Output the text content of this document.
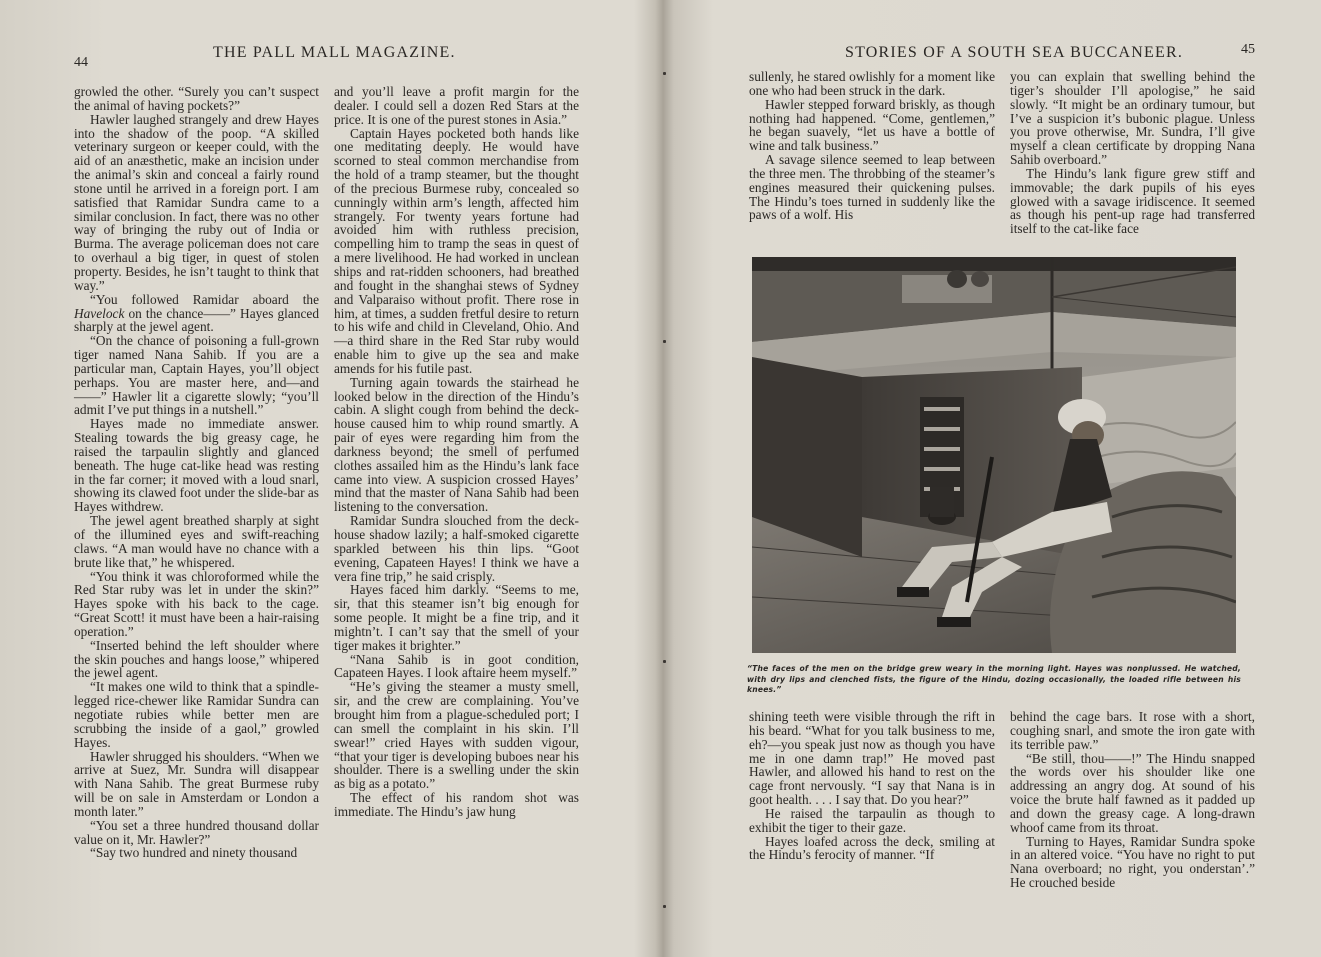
44
THE PALL MALL MAGAZINE.

growled the other. “Surely you can’t suspect the animal of having pockets?”

Hawler laughed strangely and drew Hayes into the shadow of the poop. “A skilled veterinary surgeon or keeper could, with the aid of an anæsthetic, make an incision under the animal’s skin and conceal a fairly round stone until he arrived in a foreign port. I am satisfied that Ramidar Sundra came to a similar conclusion. In fact, there was no other way of bringing the ruby out of India or Burma. The average policeman does not care to overhaul a big tiger, in quest of stolen property. Besides, he isn’t taught to think that way.”

“You followed Ramidar aboard the Havelock on the chance——” Hayes glanced sharply at the jewel agent.

“On the chance of poisoning a full-grown tiger named Nana Sahib. If you are a particular man, Captain Hayes, you’ll object perhaps. You are master here, and—and——” Hawler lit a cigarette slowly; “you’ll admit I’ve put things in a nutshell.”

Hayes made no immediate answer. Stealing towards the big greasy cage, he raised the tarpaulin slightly and glanced beneath. The huge cat-like head was resting in the far corner; it moved with a loud snarl, showing its clawed foot under the slide-bar as Hayes withdrew.

The jewel agent breathed sharply at sight of the illumined eyes and swift-reaching claws. “A man would have no chance with a brute like that,” he whispered.

“You think it was chloroformed while the Red Star ruby was let in under the skin?” Hayes spoke with his back to the cage. “Great Scott! it must have been a hair-raising operation.”

“Inserted behind the left shoulder where the skin pouches and hangs loose,” whipered the jewel agent.

“It makes one wild to think that a spindle-legged rice-chewer like Ramidar Sundra can negotiate rubies while better men are scrubbing the inside of a gaol,” growled Hayes.

Hawler shrugged his shoulders. “When we arrive at Suez, Mr. Sundra will disappear with Nana Sahib. The great Burmese ruby will be on sale in Amsterdam or London a month later.”

“You set a three hundred thousand dollar value on it, Mr. Hawler?”

“Say two hundred and ninety thousand

and you’ll leave a profit margin for the dealer. I could sell a dozen Red Stars at the price. It is one of the purest stones in Asia.”

Captain Hayes pocketed both hands like one meditating deeply. He would have scorned to steal common merchandise from the hold of a tramp steamer, but the thought of the precious Burmese ruby, concealed so cunningly within arm’s length, affected him strangely. For twenty years fortune had avoided him with ruthless precision, compelling him to tramp the seas in quest of a mere livelihood. He had worked in unclean ships and rat-ridden schooners, had breathed and fought in the shanghai stews of Sydney and Valparaiso without profit. There rose in him, at times, a sudden fretful desire to return to his wife and child in Cleveland, Ohio. And—a third share in the Red Star ruby would enable him to give up the sea and make amends for his futile past.

Turning again towards the stairhead he looked below in the direction of the Hindu’s cabin. A slight cough from behind the deck-house caused him to whip round smartly. A pair of eyes were regarding him from the darkness beyond; the smell of perfumed clothes assailed him as the Hindu’s lank face came into view. A suspicion crossed Hayes’ mind that the master of Nana Sahib had been listening to the conversation.

Ramidar Sundra slouched from the deck-house shadow lazily; a half-smoked cigarette sparkled between his thin lips. “Goot evening, Capateen Hayes! I think we have a vera fine trip,” he said crisply.

Hayes faced him darkly. “Seems to me, sir, that this steamer isn’t big enough for some people. It might be a fine trip, and it mightn’t. I can’t say that the smell of your tiger makes it brighter.”

“Nana Sahib is in goot condition, Capateen Hayes. I look aftaire heem myself.”

“He’s giving the steamer a musty smell, sir, and the crew are complaining. You’ve brought him from a plague-scheduled port; I can smell the complaint in his skin. I’ll swear!” cried Hayes with sudden vigour, “that your tiger is developing buboes near his shoulder. There is a swelling under the skin as big as a potato.”

The effect of his random shot was immediate. The Hindu’s jaw hung

STORIES OF A SOUTH SEA BUCCANEER.	45

sullenly, he stared owlishly for a moment like one who had been struck in the dark.

Hawler stepped forward briskly, as though nothing had happened. “Come, gentlemen,” he began suavely, “let us have a bottle of wine and talk business.”

A savage silence seemed to leap between the three men. The throbbing of the steamer’s engines measured their quickening pulses. The Hindu’s toes turned in suddenly like the paws of a wolf. His

you can explain that swelling behind the tiger’s shoulder I’ll apologise,” he said slowly. “It might be an ordinary tumour, but I’ve a suspicion it’s bubonic plague. Unless you prove otherwise, Mr. Sundra, I’ll give myself a clean certificate by dropping Nana Sahib overboard.”

The Hindu’s lank figure grew stiff and immovable; the dark pupils of his eyes glowed with a savage iridiscence. It seemed as though his pent-up rage had transferred itself to the cat-like face

“The faces of the men on the bridge grew weary in the morning light. Hayes was nonplussed. He watched, with dry lips and clenched fists, the figure of the Hindu, dozing occasionally, the loaded rifle between his knees.”

shining teeth were visible through the rift in his beard. “What for you talk business to me, eh?—you speak just now as though you have me in one damn trap!” He moved past Hawler, and allowed his hand to rest on the cage front nervously. “I say that Nana is in goot health. . . . I say that. Do you hear?”

He raised the tarpaulin as though to exhibit the tiger to their gaze.

Hayes loafed across the deck, smiling at the Hindu’s ferocity of manner. “If

behind the cage bars. It rose with a short, coughing snarl, and smote the iron gate with its terrible paw.”

“Be still, thou——!” The Hindu snapped the words over his shoulder like one addressing an angry dog. At sound of his voice the brute half fawned as it padded up and down the greasy cage. A long-drawn whoof came from its throat.

Turning to Hayes, Ramidar Sundra spoke in an altered voice. “You have no right to put Nana overboard; no right, you onderstan’.” He crouched beside
